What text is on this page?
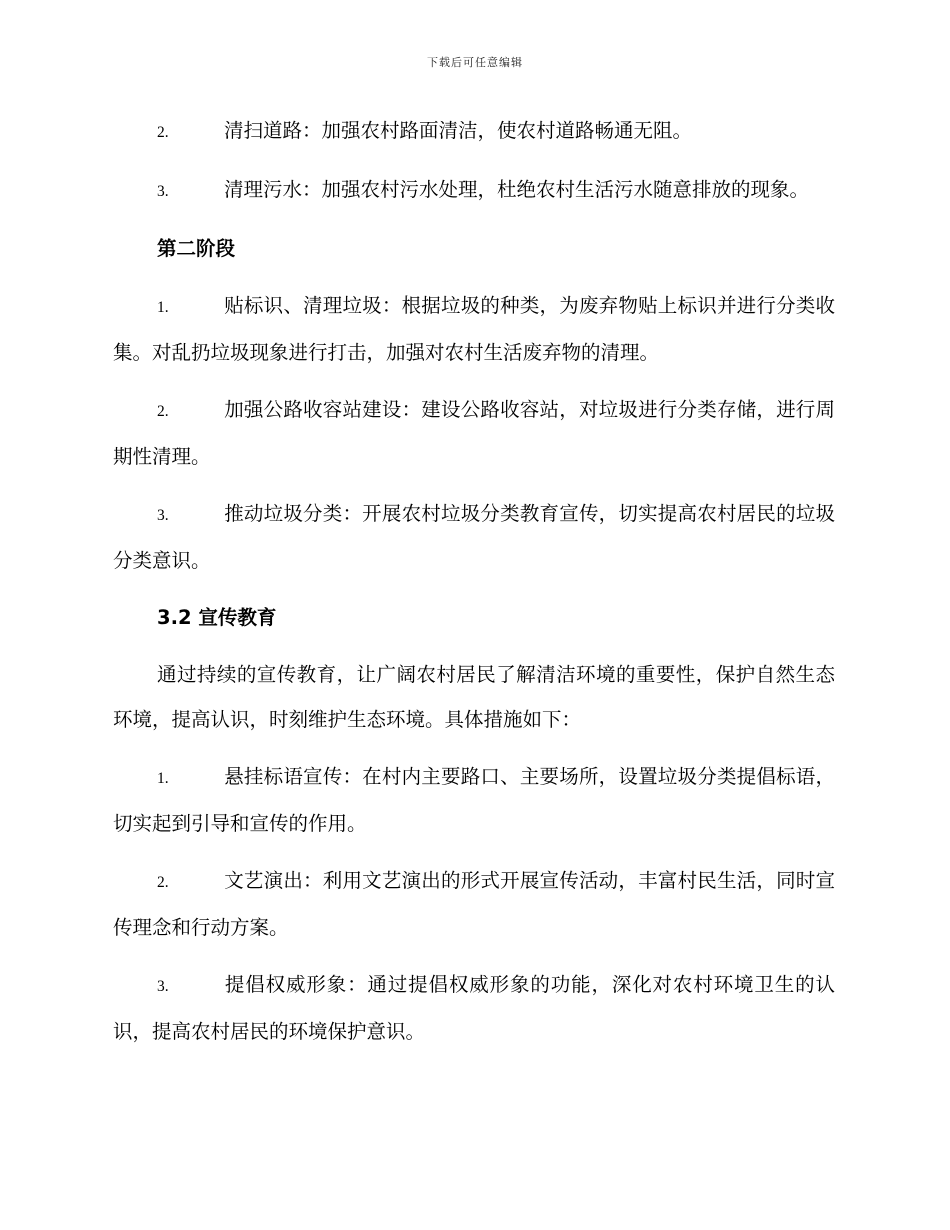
下载后可任意编辑

2.	清扫道路：加强农村路面清洁，使农村道路畅通无阻。

3.	清理污水：加强农村污水处理，杜绝农村生活污水随意排放的现象。

第二阶段

1.	贴标识、清理垃圾：根据垃圾的种类，为废弃物贴上标识并进行分类收集。对乱扔垃圾现象进行打击，加强对农村生活废弃物的清理。

2.	加强公路收容站建设：建设公路收容站，对垃圾进行分类存储，进行周期性清理。

3.	推动垃圾分类：开展农村垃圾分类教育宣传，切实提高农村居民的垃圾分类意识。

3.2 宣传教育

通过持续的宣传教育，让广阔农村居民了解清洁环境的重要性，保护自然生态环境，提高认识，时刻维护生态环境。具体措施如下：

1.	悬挂标语宣传：在村内主要路口、主要场所，设置垃圾分类提倡标语，切实起到引导和宣传的作用。

2.	文艺演出：利用文艺演出的形式开展宣传活动，丰富村民生活，同时宣传理念和行动方案。

3.	提倡权威形象：通过提倡权威形象的功能，深化对农村环境卫生的认识，提高农村居民的环境保护意识。
